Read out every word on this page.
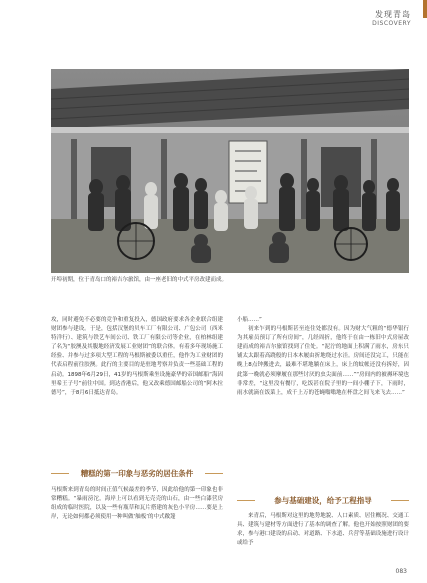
发现青岛
DISCOVERY
开埠初期，位于青岛口的裕吉尔旅馆，由一座老旧的中式平房改建而成。

攻，同时避免不必要的竞争和重复投入，德国政府要求各企业联合组建财团参与建设。于是，包括汉堡的贝车工厂有限公司、广包公司（西米特洋行）、建筑与铁艺车间公司、铁工厂有限公司等企业，在柏林组建了名为“胶澳及其腹地经济发展工业财团”的联合体。有着多年现场施工经验、并参与过多项大型工程的马根斯被委以重任，他作为工业财团的代表启程前往胶澳。此行的主要目的是驻地考察并负责一些基础工程的启动。1898年6月29日，41岁的马根斯乘坐设施豪华的帝国邮船“海因里希王子号”前往中国。到达香港后，他又改乘德国邮船公司的“阿木拉德号”，于8月6日抵达青岛。

糟糕的第一印象与恶劣的居住条件

马根斯来到青岛的时间正值气候最差的季节，因此给他的第一印象也非常糟糕。“暴雨滂沱，海岸上可以看到无壳壳的山石，由一些白漆营房组成的临时医院，以及一些有瓶草和瓦片搭建的灰色小平房……要是上岸，无论如何都必须使用一种叫做‘舢板’的中式敞篷

小船……”

初来乍到的马根斯甚至连住处都没有。因为财大气粗的“德华银行为其雇员预订了所有房间”，几经周折，他终于在由一栋旧中式房屋改建而成的裕吉尔旅馆找到了住处。“泥泞的地面上积满了雨水，房东只铺太太跟着高跷般的日本木履由折地绕过水洼。房间还没完工，只能在晚上8点钟搬进去，最难不堪地躺在床上，床上的蚊帐还没有拆好，因此第一晚就必须摩履在那些讨厌的虫尖面前……”“房间内的被褥环境也非常差，“这里没有餐厅，吃饭甚在院子里的一间小棚子下，下雨时，雨水就滴在饭菜上，成千上万的苍蝇嗡嗡地在杯盘之间飞来飞去……”

参与基础建设，给予工程指导

来青后，马根斯对这里的地势地貌、人口素质、居住概况、交通工具、建筑与建材等方面进行了基本的调查了解。他也开始按照财团的要求，参与港口建设的启动、对道路、下水道、兵营等基础设施进行设计或给予

083
